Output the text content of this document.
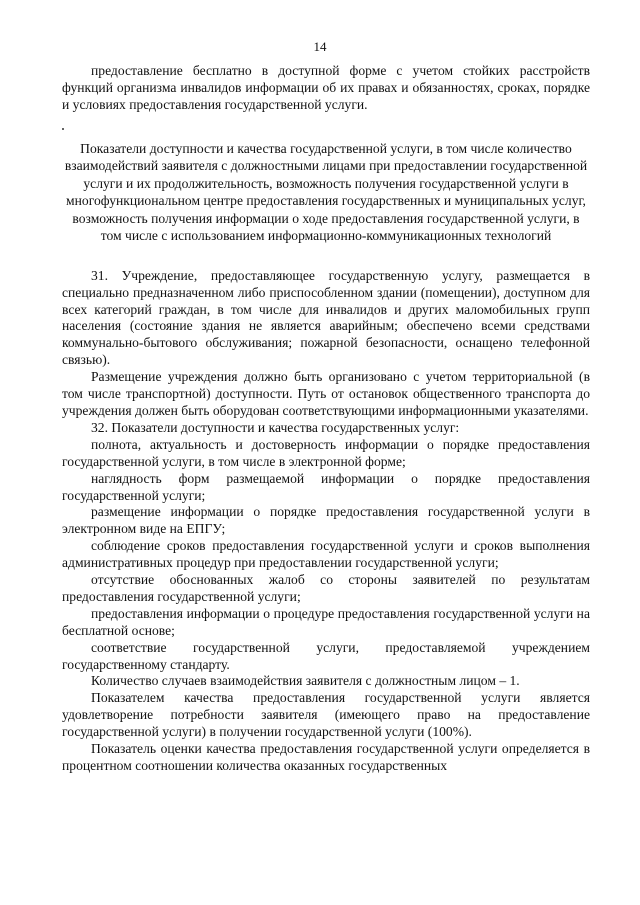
14

предоставление бесплатно в доступной форме с учетом стойких расстройств функций организма инвалидов информации об их правах и обязанностях, сроках, порядке и условиях предоставления государственной услуги.

Показатели доступности и качества государственной услуги, в том числе количество взаимодействий заявителя с должностными лицами при предоставлении государственной услуги и их продолжительность, возможность получения государственной услуги в многофункциональном центре предоставления государственных и муниципальных услуг, возможность получения информации о ходе предоставления государственной услуги, в том числе с использованием информационно-коммуникационных технологий

31. Учреждение, предоставляющее государственную услугу, размещается в специально предназначенном либо приспособленном здании (помещении), доступном для всех категорий граждан, в том числе для инвалидов и других маломобильных групп населения (состояние здания не является аварийным; обеспечено всеми средствами коммунально-бытового обслуживания; пожарной безопасности, оснащено телефонной связью).

Размещение учреждения должно быть организовано с учетом территориальной (в том числе транспортной) доступности. Путь от остановок общественного транспорта до учреждения должен быть оборудован соответствующими информационными указателями.

32. Показатели доступности и качества государственных услуг:

полнота, актуальность и достоверность информации о порядке предоставления государственной услуги, в том числе в электронной форме;

наглядность форм размещаемой информации о порядке предоставления государственной услуги;

размещение информации о порядке предоставления государственной услуги в электронном виде на ЕПГУ;

соблюдение сроков предоставления государственной услуги и сроков выполнения административных процедур при предоставлении государственной услуги;

отсутствие обоснованных жалоб со стороны заявителей по результатам предоставления государственной услуги;

предоставления информации о процедуре предоставления государственной услуги на бесплатной основе;

соответствие государственной услуги, предоставляемой учреждением государственному стандарту.

Количество случаев взаимодействия заявителя с должностным лицом – 1.

Показателем качества предоставления государственной услуги является удовлетворение потребности заявителя (имеющего право на предоставление государственной услуги) в получении государственной услуги (100%).

Показатель оценки качества предоставления государственной услуги определяется в процентном соотношении количества оказанных государственных
